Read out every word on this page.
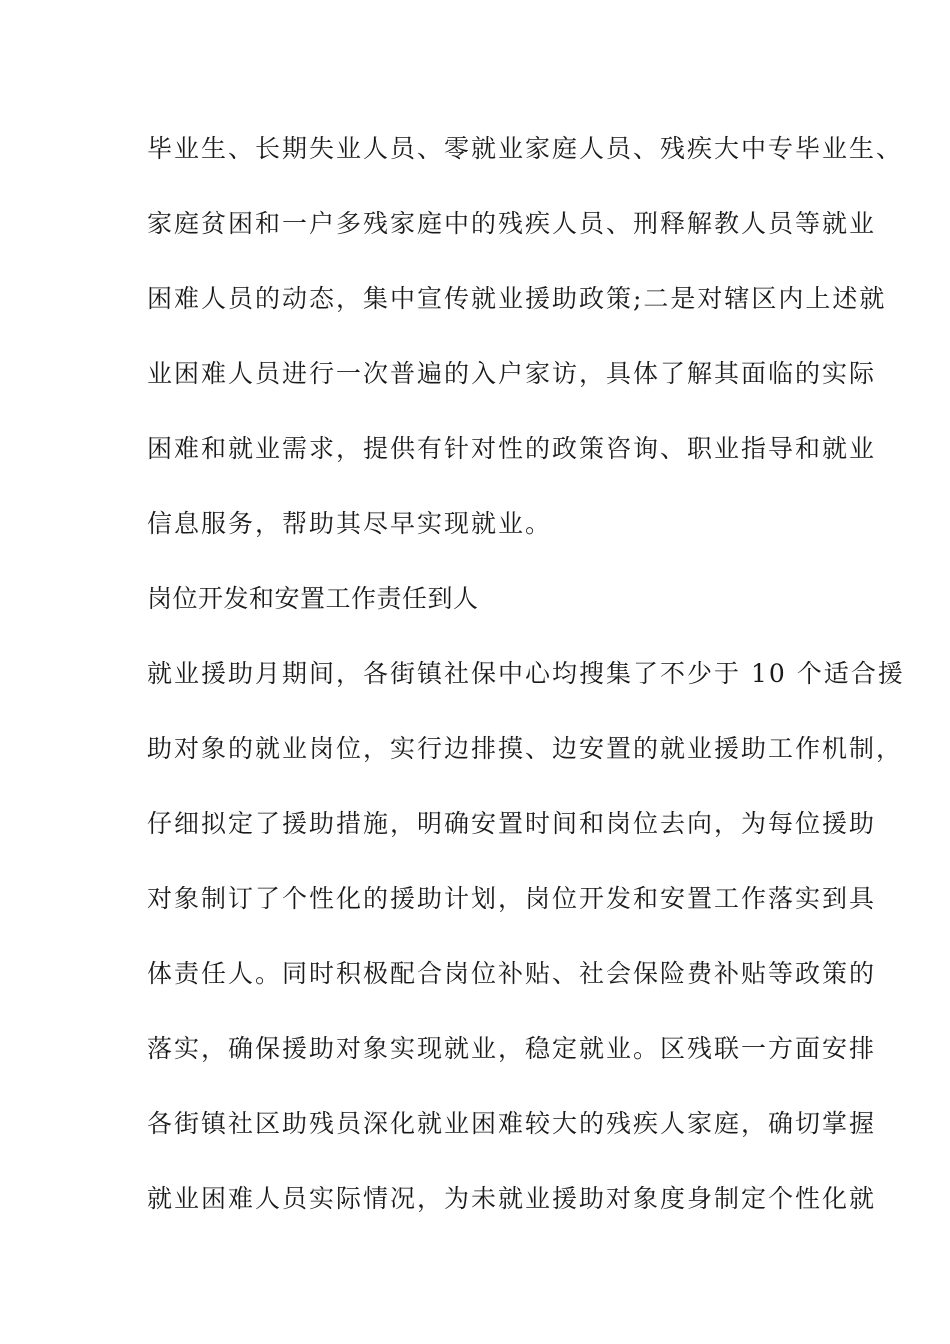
毕业生、长期失业人员、零就业家庭人员、残疾大中专毕业生、
家庭贫困和一户多残家庭中的残疾人员、刑释解教人员等就业
困难人员的动态，集中宣传就业援助政策;二是对辖区内上述就
业困难人员进行一次普遍的入户家访，具体了解其面临的实际
困难和就业需求，提供有针对性的政策咨询、职业指导和就业
信息服务，帮助其尽早实现就业。
岗位开发和安置工作责任到人
就业援助月期间，各街镇社保中心均搜集了不少于 10 个适合援
助对象的就业岗位，实行边排摸、边安置的就业援助工作机制，
仔细拟定了援助措施，明确安置时间和岗位去向，为每位援助
对象制订了个性化的援助计划，岗位开发和安置工作落实到具
体责任人。同时积极配合岗位补贴、社会保险费补贴等政策的
落实，确保援助对象实现就业，稳定就业。区残联一方面安排
各街镇社区助残员深化就业困难较大的残疾人家庭，确切掌握
就业困难人员实际情况，为未就业援助对象度身制定个性化就
